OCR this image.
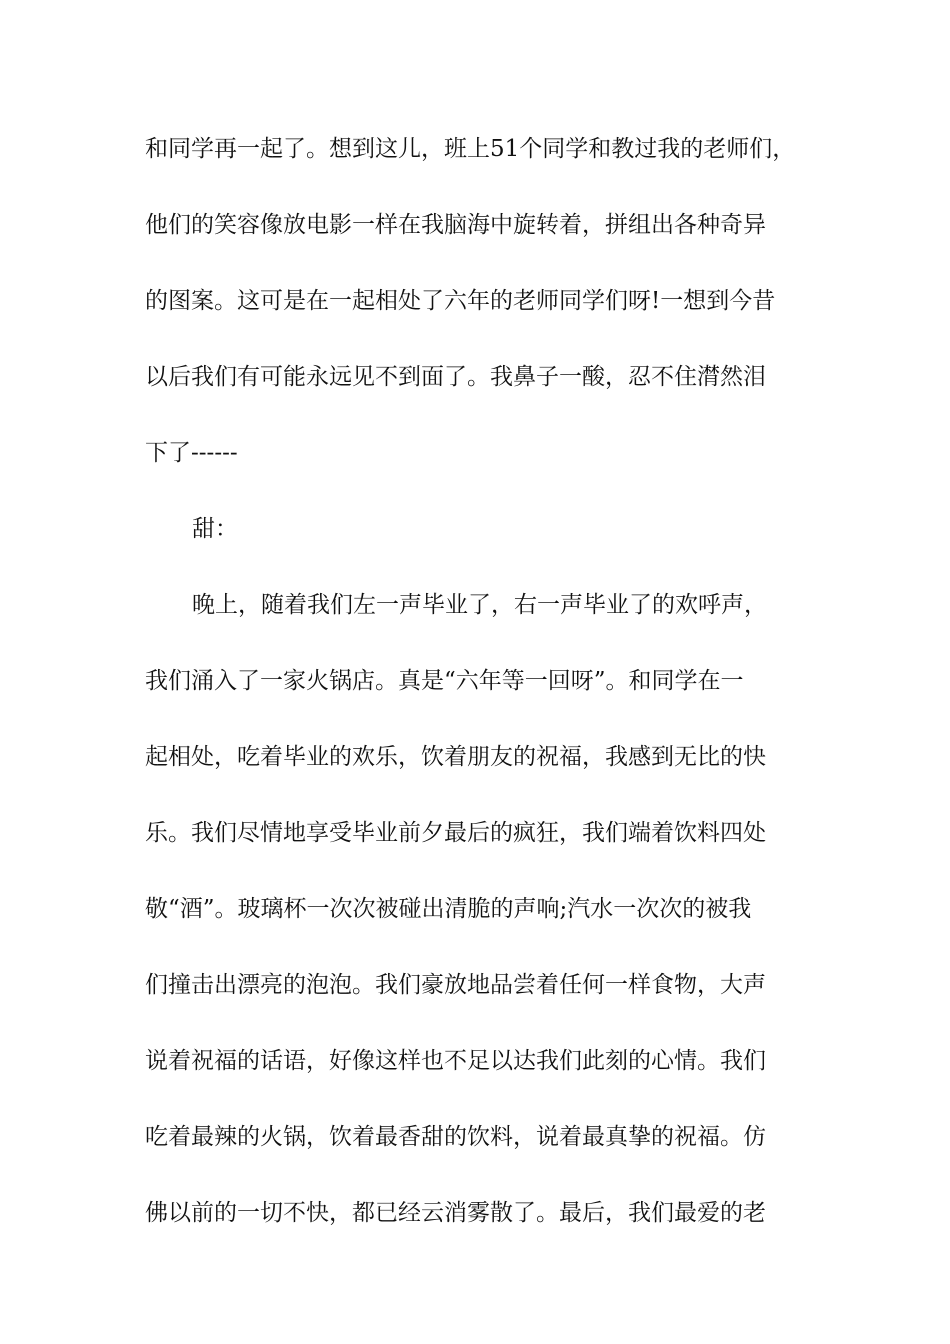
和同学再一起了。想到这儿，班上51个同学和教过我的老师们，
他们的笑容像放电影一样在我脑海中旋转着，拼组出各种奇异
的图案。这可是在一起相处了六年的老师同学们呀!一想到今昔
以后我们有可能永远见不到面了。我鼻子一酸，忍不住潸然泪
下了------
甜：
晚上，随着我们左一声毕业了，右一声毕业了的欢呼声，
我们涌入了一家火锅店。真是“六年等一回呀”。和同学在一
起相处，吃着毕业的欢乐，饮着朋友的祝福，我感到无比的快
乐。我们尽情地享受毕业前夕最后的疯狂，我们端着饮料四处
敬“酒”。玻璃杯一次次被碰出清脆的声响;汽水一次次的被我
们撞击出漂亮的泡泡。我们豪放地品尝着任何一样食物，大声
说着祝福的话语，好像这样也不足以达我们此刻的心情。我们
吃着最辣的火锅，饮着最香甜的饮料，说着最真挚的祝福。仿
佛以前的一切不快，都已经云消雾散了。最后，我们最爱的老
